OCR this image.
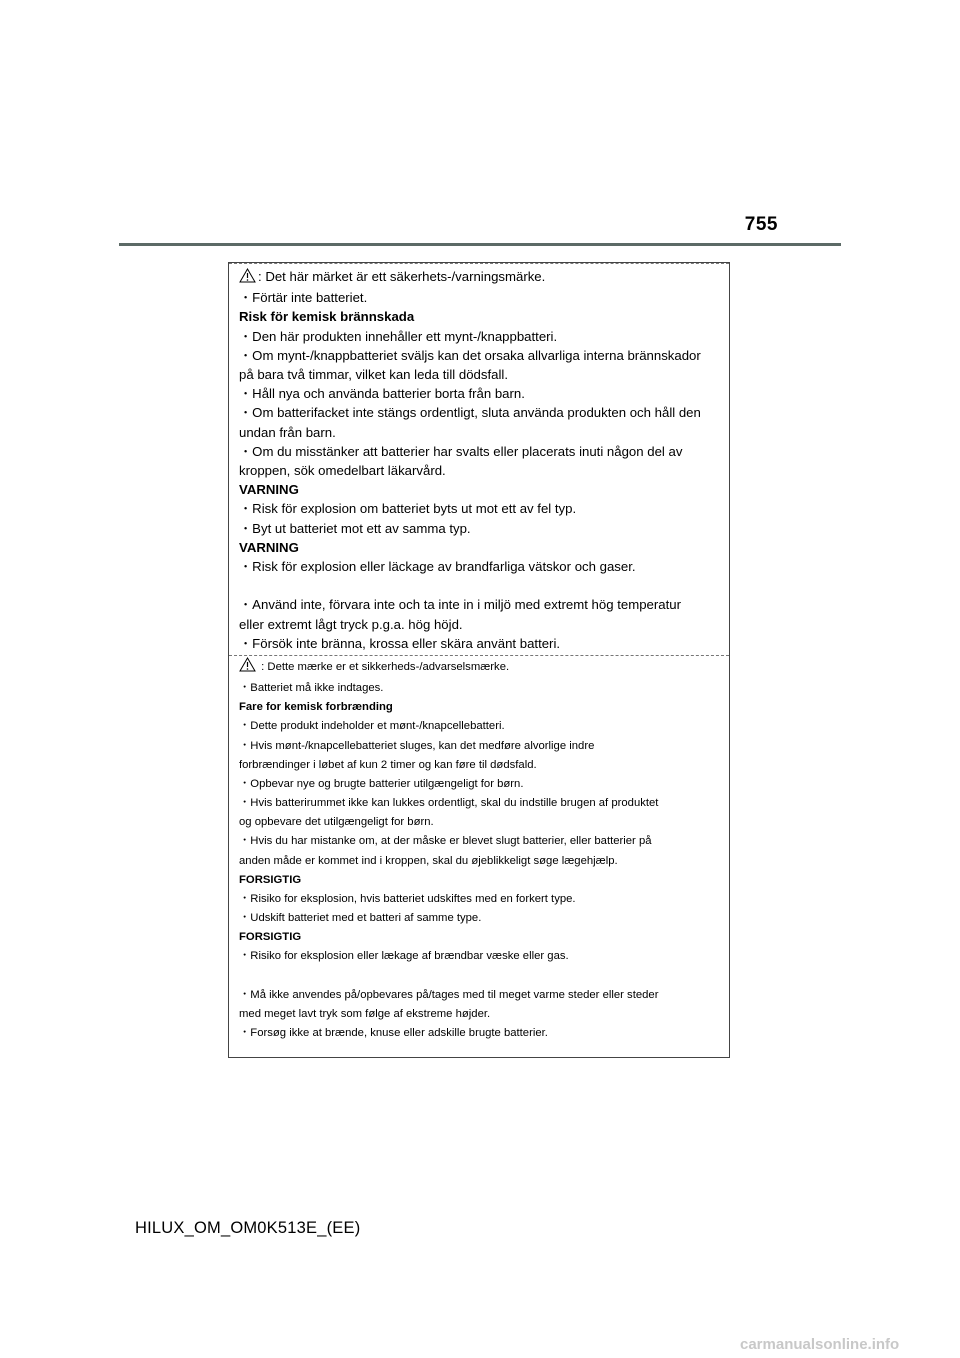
755
: Det här märket är ett säkerhets-/varningsmärke.
・Förtär inte batteriet.
Risk för kemisk brännskada
・Den här produkten innehåller ett mynt-/knappbatteri.
・Om mynt-/knappbatteriet sväljs kan det orsaka allvarliga interna brännskador
på bara två timmar, vilket kan leda till dödsfall.
・Håll nya och använda batterier borta från barn.
・Om batterifacket inte stängs ordentligt, sluta använda produkten och håll den
undan från barn.
・Om du misstänker att batterier har svalts eller placerats inuti någon del av
kroppen, sök omedelbart läkarvård.
VARNING
・Risk för explosion om batteriet byts ut mot ett av fel typ.
・Byt ut batteriet mot ett av samma typ.
VARNING
・Risk för explosion eller läckage av brandfarliga vätskor och gaser.
・Använd inte, förvara inte och ta inte in i miljö med extremt hög temperatur
eller extremt lågt tryck p.g.a. hög höjd.
・Försök inte bränna, krossa eller skära använt batteri.
: Dette mærke er et sikkerheds-/advarselsmærke.
・Batteriet må ikke indtages.
Fare for kemisk forbrænding
・Dette produkt indeholder et mønt-/knapcellebatteri.
・Hvis mønt-/knapcellebatteriet sluges, kan det medføre alvorlige indre
forbrændinger i løbet af kun 2 timer og kan føre til dødsfald.
・Opbevar nye og brugte batterier utilgængeligt for børn.
・Hvis batterirummet ikke kan lukkes ordentligt, skal du indstille brugen af produktet
og opbevare det utilgængeligt for børn.
・Hvis du har mistanke om, at der måske er blevet slugt batterier, eller batterier på
anden måde er kommet ind i kroppen, skal du øjeblikkeligt søge lægehjælp.
FORSIGTIG
・Risiko for eksplosion, hvis batteriet udskiftes med en forkert type.
・Udskift batteriet med et batteri af samme type.
FORSIGTIG
・Risiko for eksplosion eller lækage af brændbar væske eller gas.
・Må ikke anvendes på/opbevares på/tages med til meget varme steder eller steder
med meget lavt tryk som følge af ekstreme højder.
・Forsøg ikke at brænde, knuse eller adskille brugte batterier.
HILUX_OM_OM0K513E_(EE)
carmanualsonline.info
